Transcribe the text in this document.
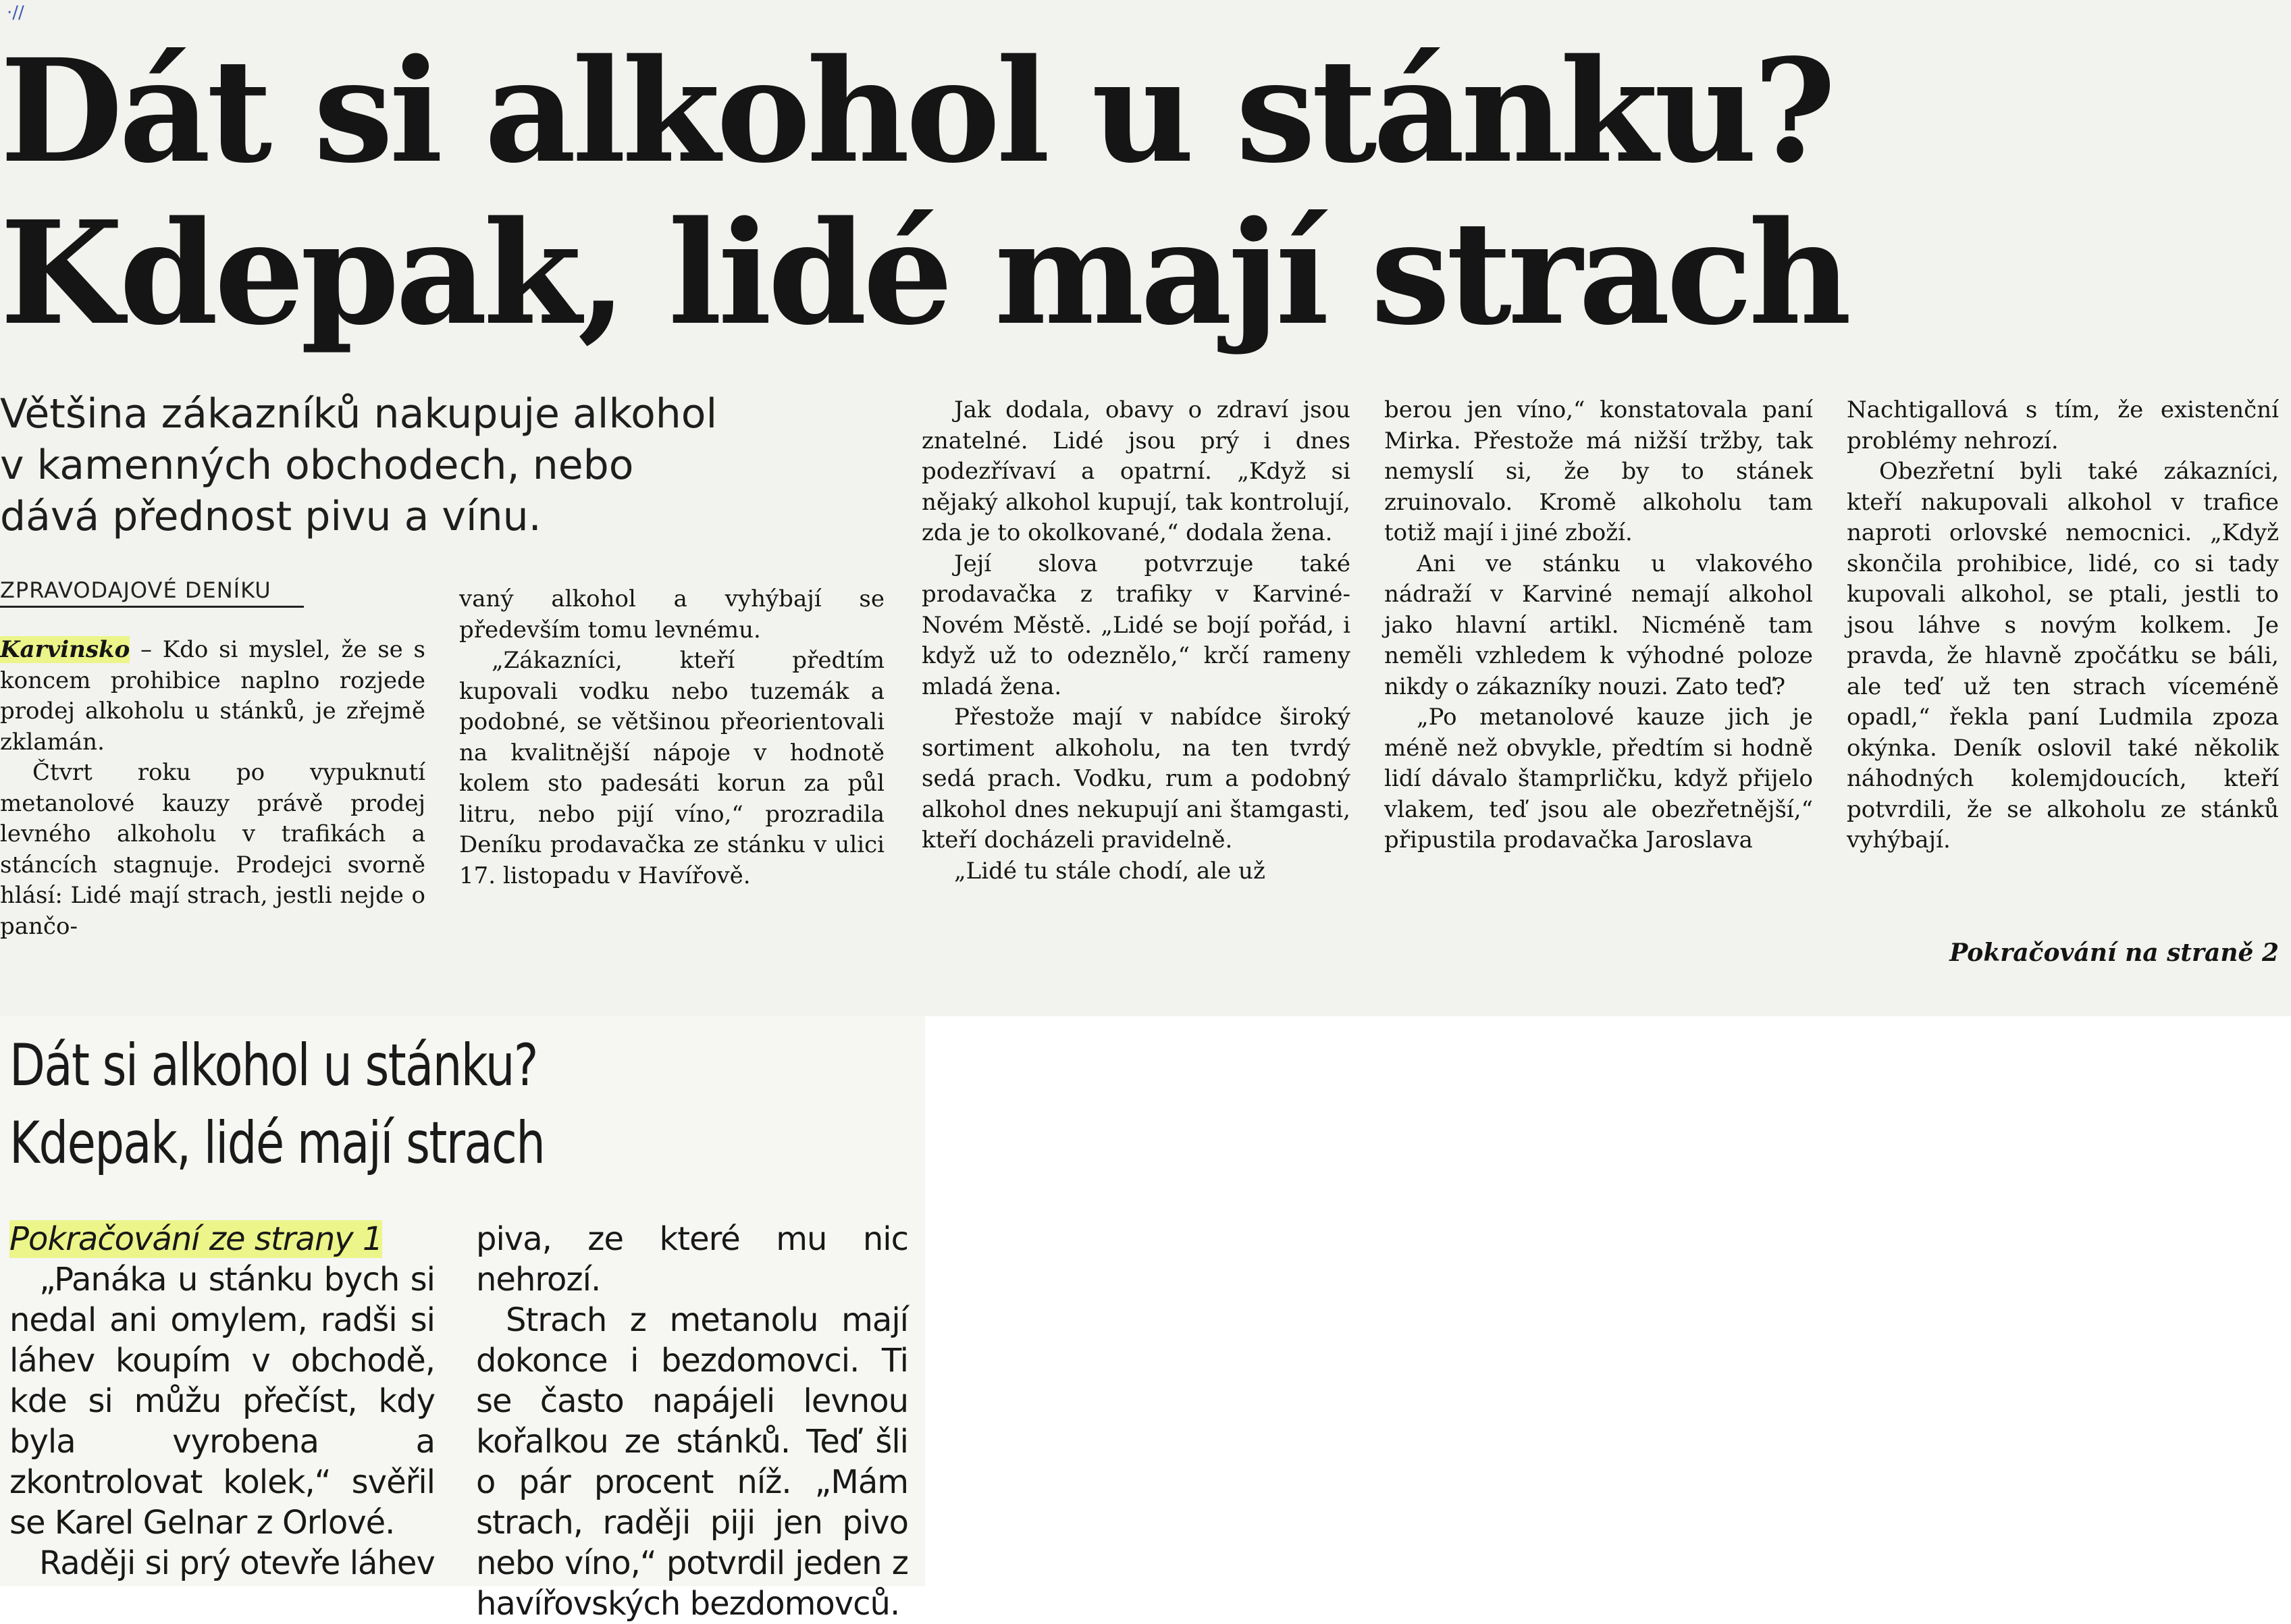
·//
Dát si alkohol u stánku?
Kdepak, lidé mají strach
Většina zákazníků nakupuje alkohol v kamenných obchodech, nebo dává přednost pivu a vínu.
ZPRAVODAJOVÉ DENÍKU

Karvinsko – Kdo si myslel, že se s koncem prohibice naplno rozjede prodej alkoholu u stánků, je zřejmě zklamán.

Čtvrt roku po vypuknutí metanolové kauzy právě prodej levného alkoholu v trafikách a stáncích stagnuje. Prodejci svorně hlásí: Lidé mají strach, jestli nejde o pančo-

vaný alkohol a vyhýbají se především tomu levnému.

„Zákazníci, kteří předtím kupovali vodku nebo tuzemák a podobné, se většinou přeorientovali na kvalitnější nápoje v hodnotě kolem sto padesáti korun za půl litru, nebo pijí víno,“ prozradila Deníku prodavačka ze stánku v ulici 17. listopadu v Havířově.

Jak dodala, obavy o zdraví jsou znatelné. Lidé jsou prý i dnes podezřívaví a opatrní. „Když si nějaký alkohol kupují, tak kontrolují, zda je to okolkované,“ dodala žena.

Její slova potvrzuje také prodavačka z trafiky v Karviné-Novém Městě. „Lidé se bojí pořád, i když už to odeznělo,“ krčí rameny mladá žena.

Přestože mají v nabídce široký sortiment alkoholu, na ten tvrdý sedá prach. Vodku, rum a podobný alkohol dnes nekupují ani štamgasti, kteří docházeli pravidelně.

„Lidé tu stále chodí, ale už

berou jen víno,“ konstatovala paní Mirka. Přestože má nižší tržby, tak nemyslí si, že by to stánek zruinovalo. Kromě alkoholu tam totiž mají i jiné zboží.

Ani ve stánku u vlakového nádraží v Karviné nemají alkohol jako hlavní artikl. Nicméně tam neměli vzhledem k výhodné poloze nikdy o zákazníky nouzi. Zato teď?

„Po metanolové kauze jich je méně než obvykle, předtím si hodně lidí dávalo štamprličku, když přijelo vlakem, teď jsou ale obezřetnější,“ připustila prodavačka Jaroslava

Nachtigallová s tím, že existenční problémy nehrozí.

Obezřetní byli také zákazníci, kteří nakupovali alkohol v trafice naproti orlovské nemocnici. „Když skončila prohibice, lidé, co si tady kupovali alkohol, se ptali, jestli to jsou láhve s novým kolkem. Je pravda, že hlavně zpočátku se báli, ale teď už ten strach víceméně opadl,“ řekla paní Ludmila zpoza okýnka. Deník oslovil také několik náhodných kolemjdoucích, kteří potvrdili, že se alkoholu ze stánků vyhýbají.

Pokračování na straně 2
Dát si alkohol u stánku?
Kdepak, lidé mají strach

Pokračování ze strany 1

„Panáka u stánku bych si nedal ani omylem, radši si láhev koupím v obchodě, kde si můžu přečíst, kdy byla vyrobena a zkontrolovat kolek,“ svěřil se Karel Gelnar z Orlové.

Raději si prý otevře láhev

piva, ze které mu nic nehrozí.

Strach z metanolu mají dokonce i bezdomovci. Ti se často napájeli levnou kořalkou ze stánků. Teď šli o pár procent níž. „Mám strach, raději piji jen pivo nebo víno,“ potvrdil jeden z havířovských bezdomovců.
